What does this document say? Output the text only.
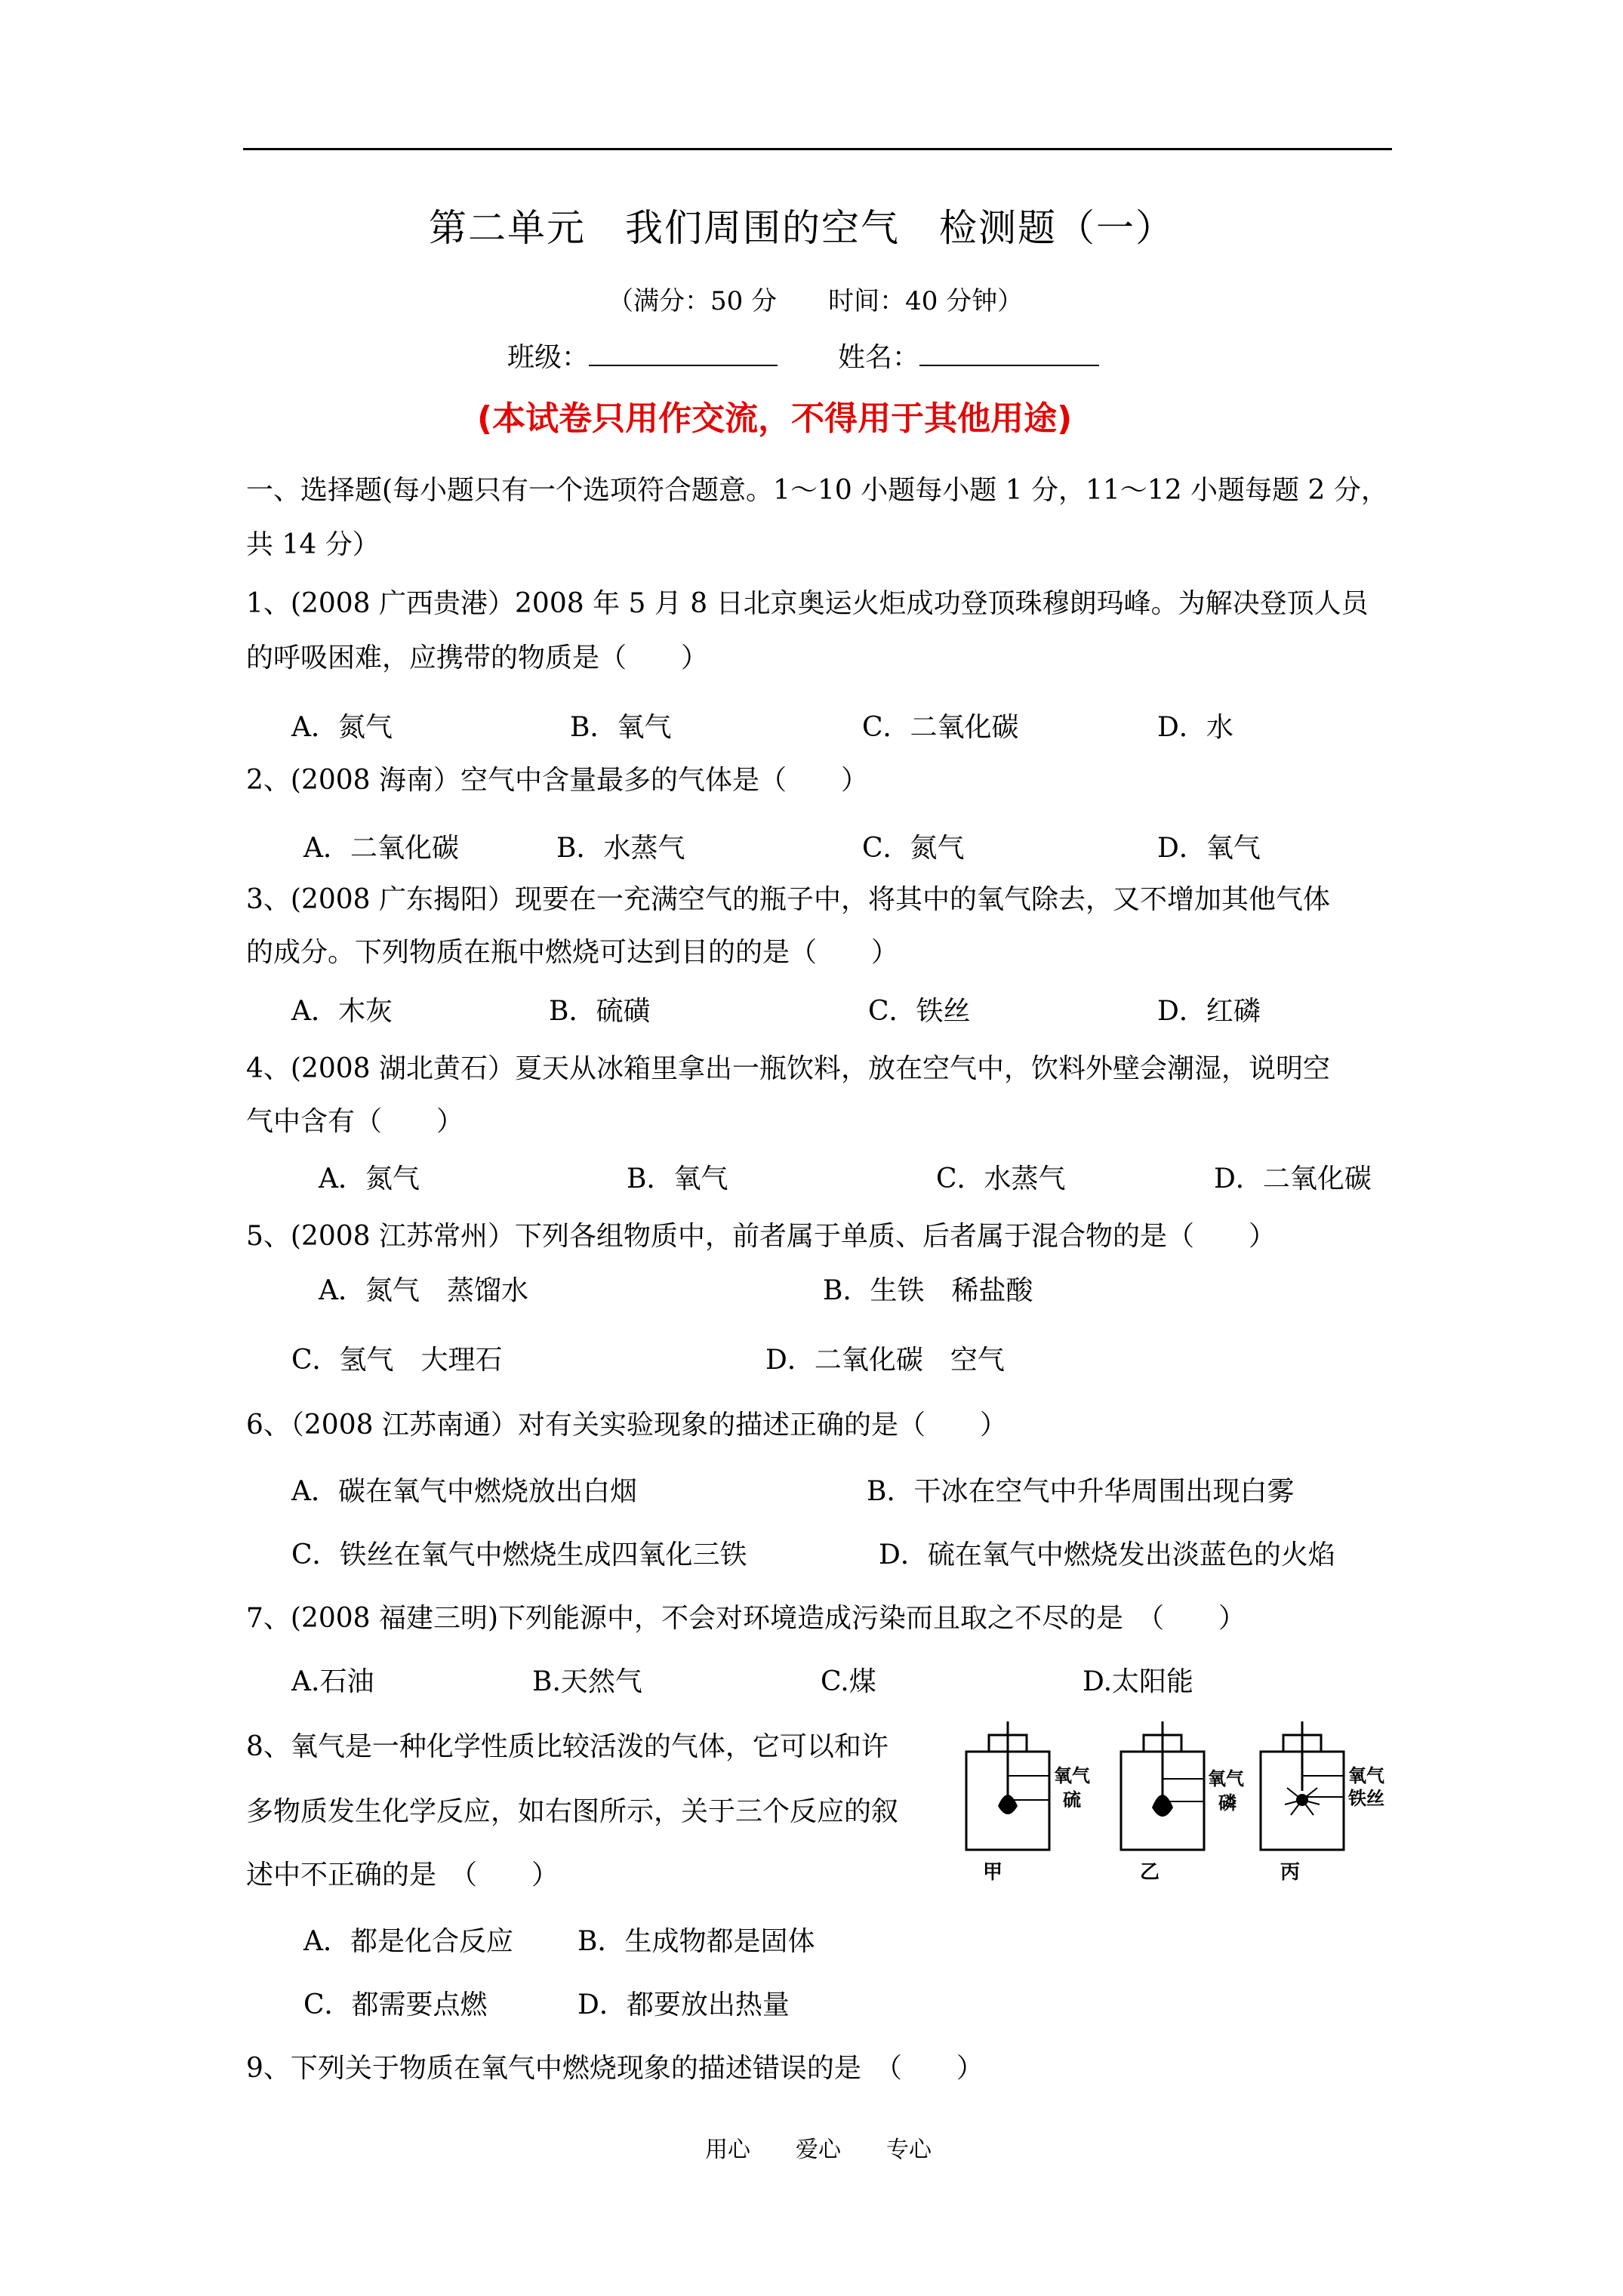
第二单元　我们周围的空气　检测题（一）
（满分：50 分　　时间：40 分钟）
班级：	姓名：
(本试卷只用作交流，不得用于其他用途)
一、选择题(每小题只有一个选项符合题意。1～10 小题每小题 1 分，11～12 小题每题 2 分，
共 14 分）
1、(2008 广西贵港）2008 年 5 月 8 日北京奥运火炬成功登顶珠穆朗玛峰。为解决登顶人员
的呼吸困难，应携带的物质是（　　）
A．氮气	B．氧气	C．二氧化碳	D．水
2、(2008 海南）空气中含量最多的气体是（　　）
A．二氧化碳	B．水蒸气	C．氮气	D．氧气
3、(2008 广东揭阳）现要在一充满空气的瓶子中，将其中的氧气除去，又不增加其他气体
的成分。下列物质在瓶中燃烧可达到目的的是（　　）
A．木灰	B．硫磺	C．铁丝	D．红磷
4、(2008 湖北黄石）夏天从冰箱里拿出一瓶饮料，放在空气中，饮料外壁会潮湿，说明空
气中含有（　　）
A．氮气	B．氧气	C．水蒸气	D．二氧化碳
5、(2008 江苏常州）下列各组物质中，前者属于单质、后者属于混合物的是（　　）
A．氮气　蒸馏水	B．生铁　稀盐酸
C．氢气　大理石	D．二氧化碳　空气
6、（2008 江苏南通）对有关实验现象的描述正确的是（　　）
A．碳在氧气中燃烧放出白烟	B．干冰在空气中升华周围出现白雾
C．铁丝在氧气中燃烧生成四氧化三铁	D．硫在氧气中燃烧发出淡蓝色的火焰
7、(2008 福建三明)下列能源中，不会对环境造成污染而且取之不尽的是　（　　）
A.石油	B.天然气	C.煤	D.太阳能
8、氧气是一种化学性质比较活泼的气体，它可以和许
多物质发生化学反应，如右图所示，关于三个反应的叙
述中不正确的是　（　　）
A．都是化合反应 B．生成物都是固体
C．都需要点燃	D．都要放出热量
氧气
硫
甲
氧气
磷
乙
氧气
铁丝
丙
9、下列关于物质在氧气中燃烧现象的描述错误的是　（　　）
用心　　爱心　　专心
